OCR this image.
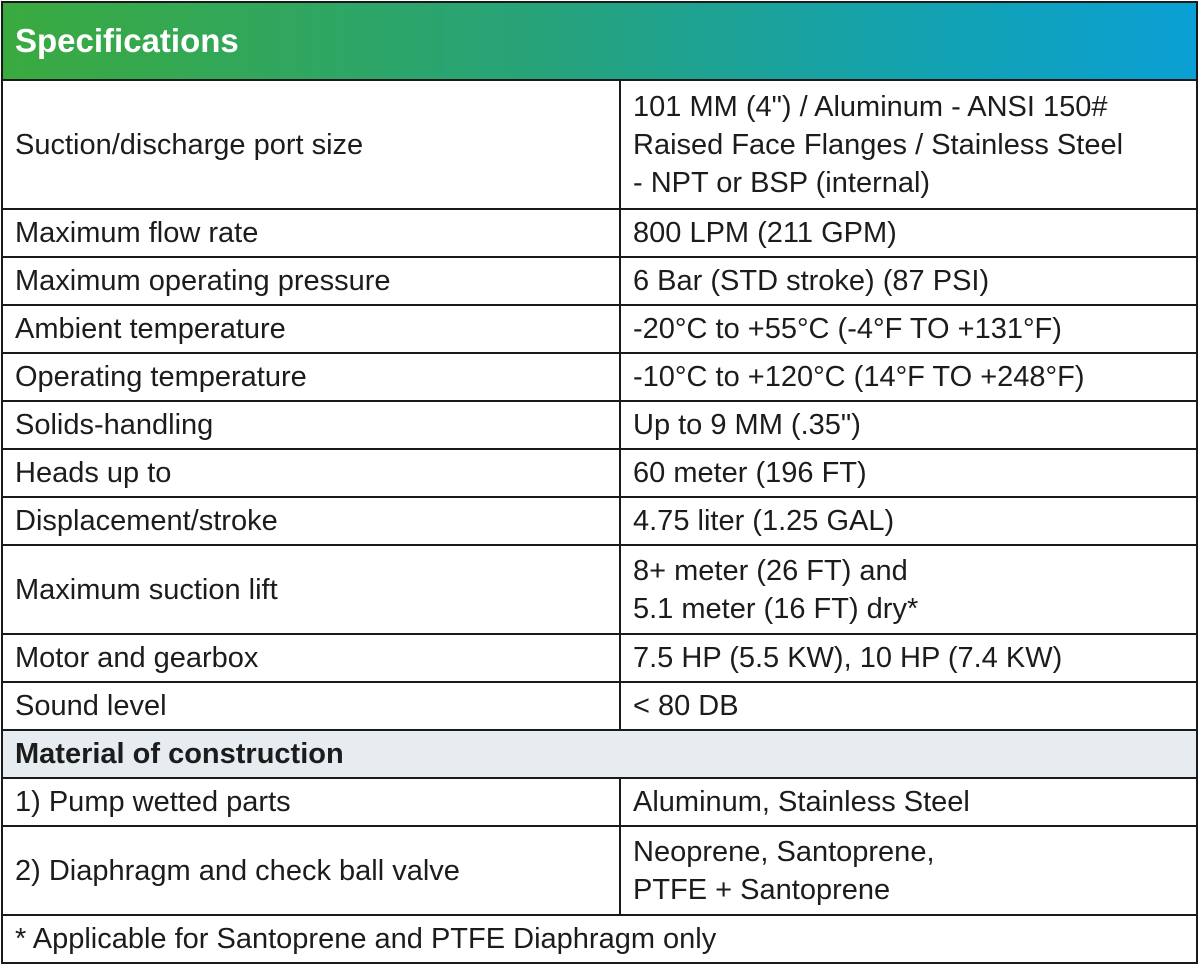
Specifications	
Suction/discharge port size	101 MM (4") / Aluminum - ANSI 150#
Raised Face Flanges / Stainless Steel
- NPT or BSP (internal)

Maximum flow rate	800 LPM (211 GPM)
Maximum operating pressure	6 Bar (STD stroke) (87 PSI)
Ambient temperature	-20°C to +55°C (-4°F TO +131°F)
Operating temperature	-10°C to +120°C (14°F TO +248°F)
Solids-handling	Up to 9 MM (.35")
Heads up to	60 meter (196 FT)
Displacement/stroke	4.75 liter (1.25 GAL)
Maximum suction lift	8+ meter (26 FT) and
5.1 meter (16 FT) dry*

Motor and gearbox	7.5 HP (5.5 KW), 10 HP (7.4 KW)
Sound level	< 80 DB
Material of construction	
1) Pump wetted parts	Aluminum, Stainless Steel
2) Diaphragm and check ball valve	Neoprene, Santoprene,
PTFE + Santoprene

* Applicable for Santoprene and PTFE Diaphragm only	
